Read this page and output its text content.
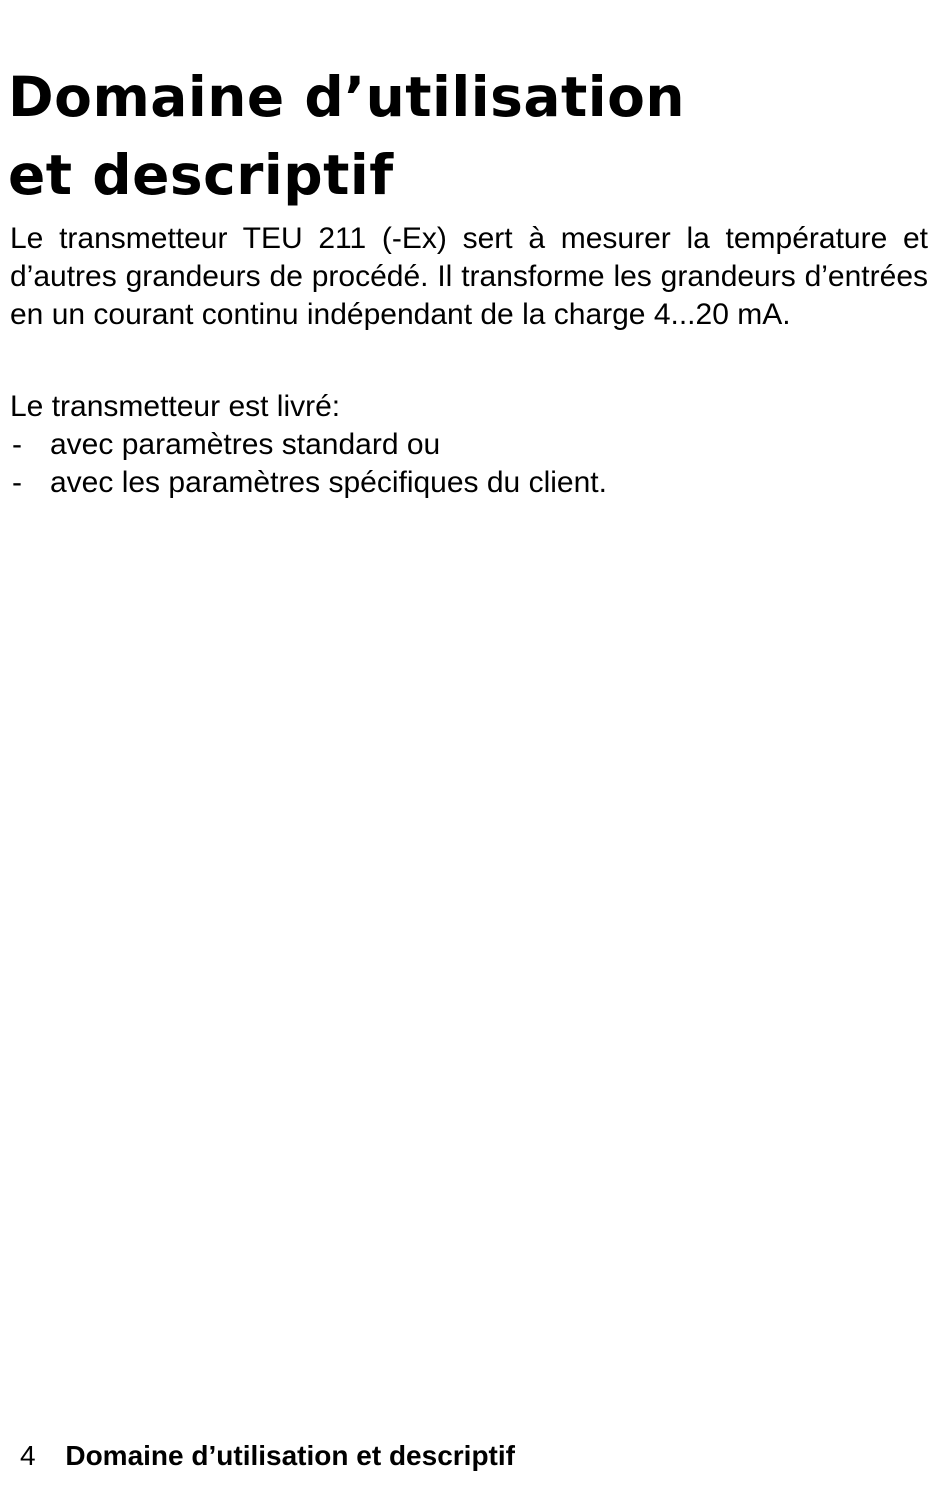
Domaine d’utilisation
et descriptif

Le transmetteur TEU 211 (-Ex) sert à mesurer la température et d’autres grandeurs de procédé. Il transforme les grandeurs d’entrées en un courant continu indépendant de la charge 4...20 mA.

Le transmetteur est livré:

- avec paramètres standard ou
- avec les paramètres spécifiques du client.
4 Domaine d’utilisation et descriptif
